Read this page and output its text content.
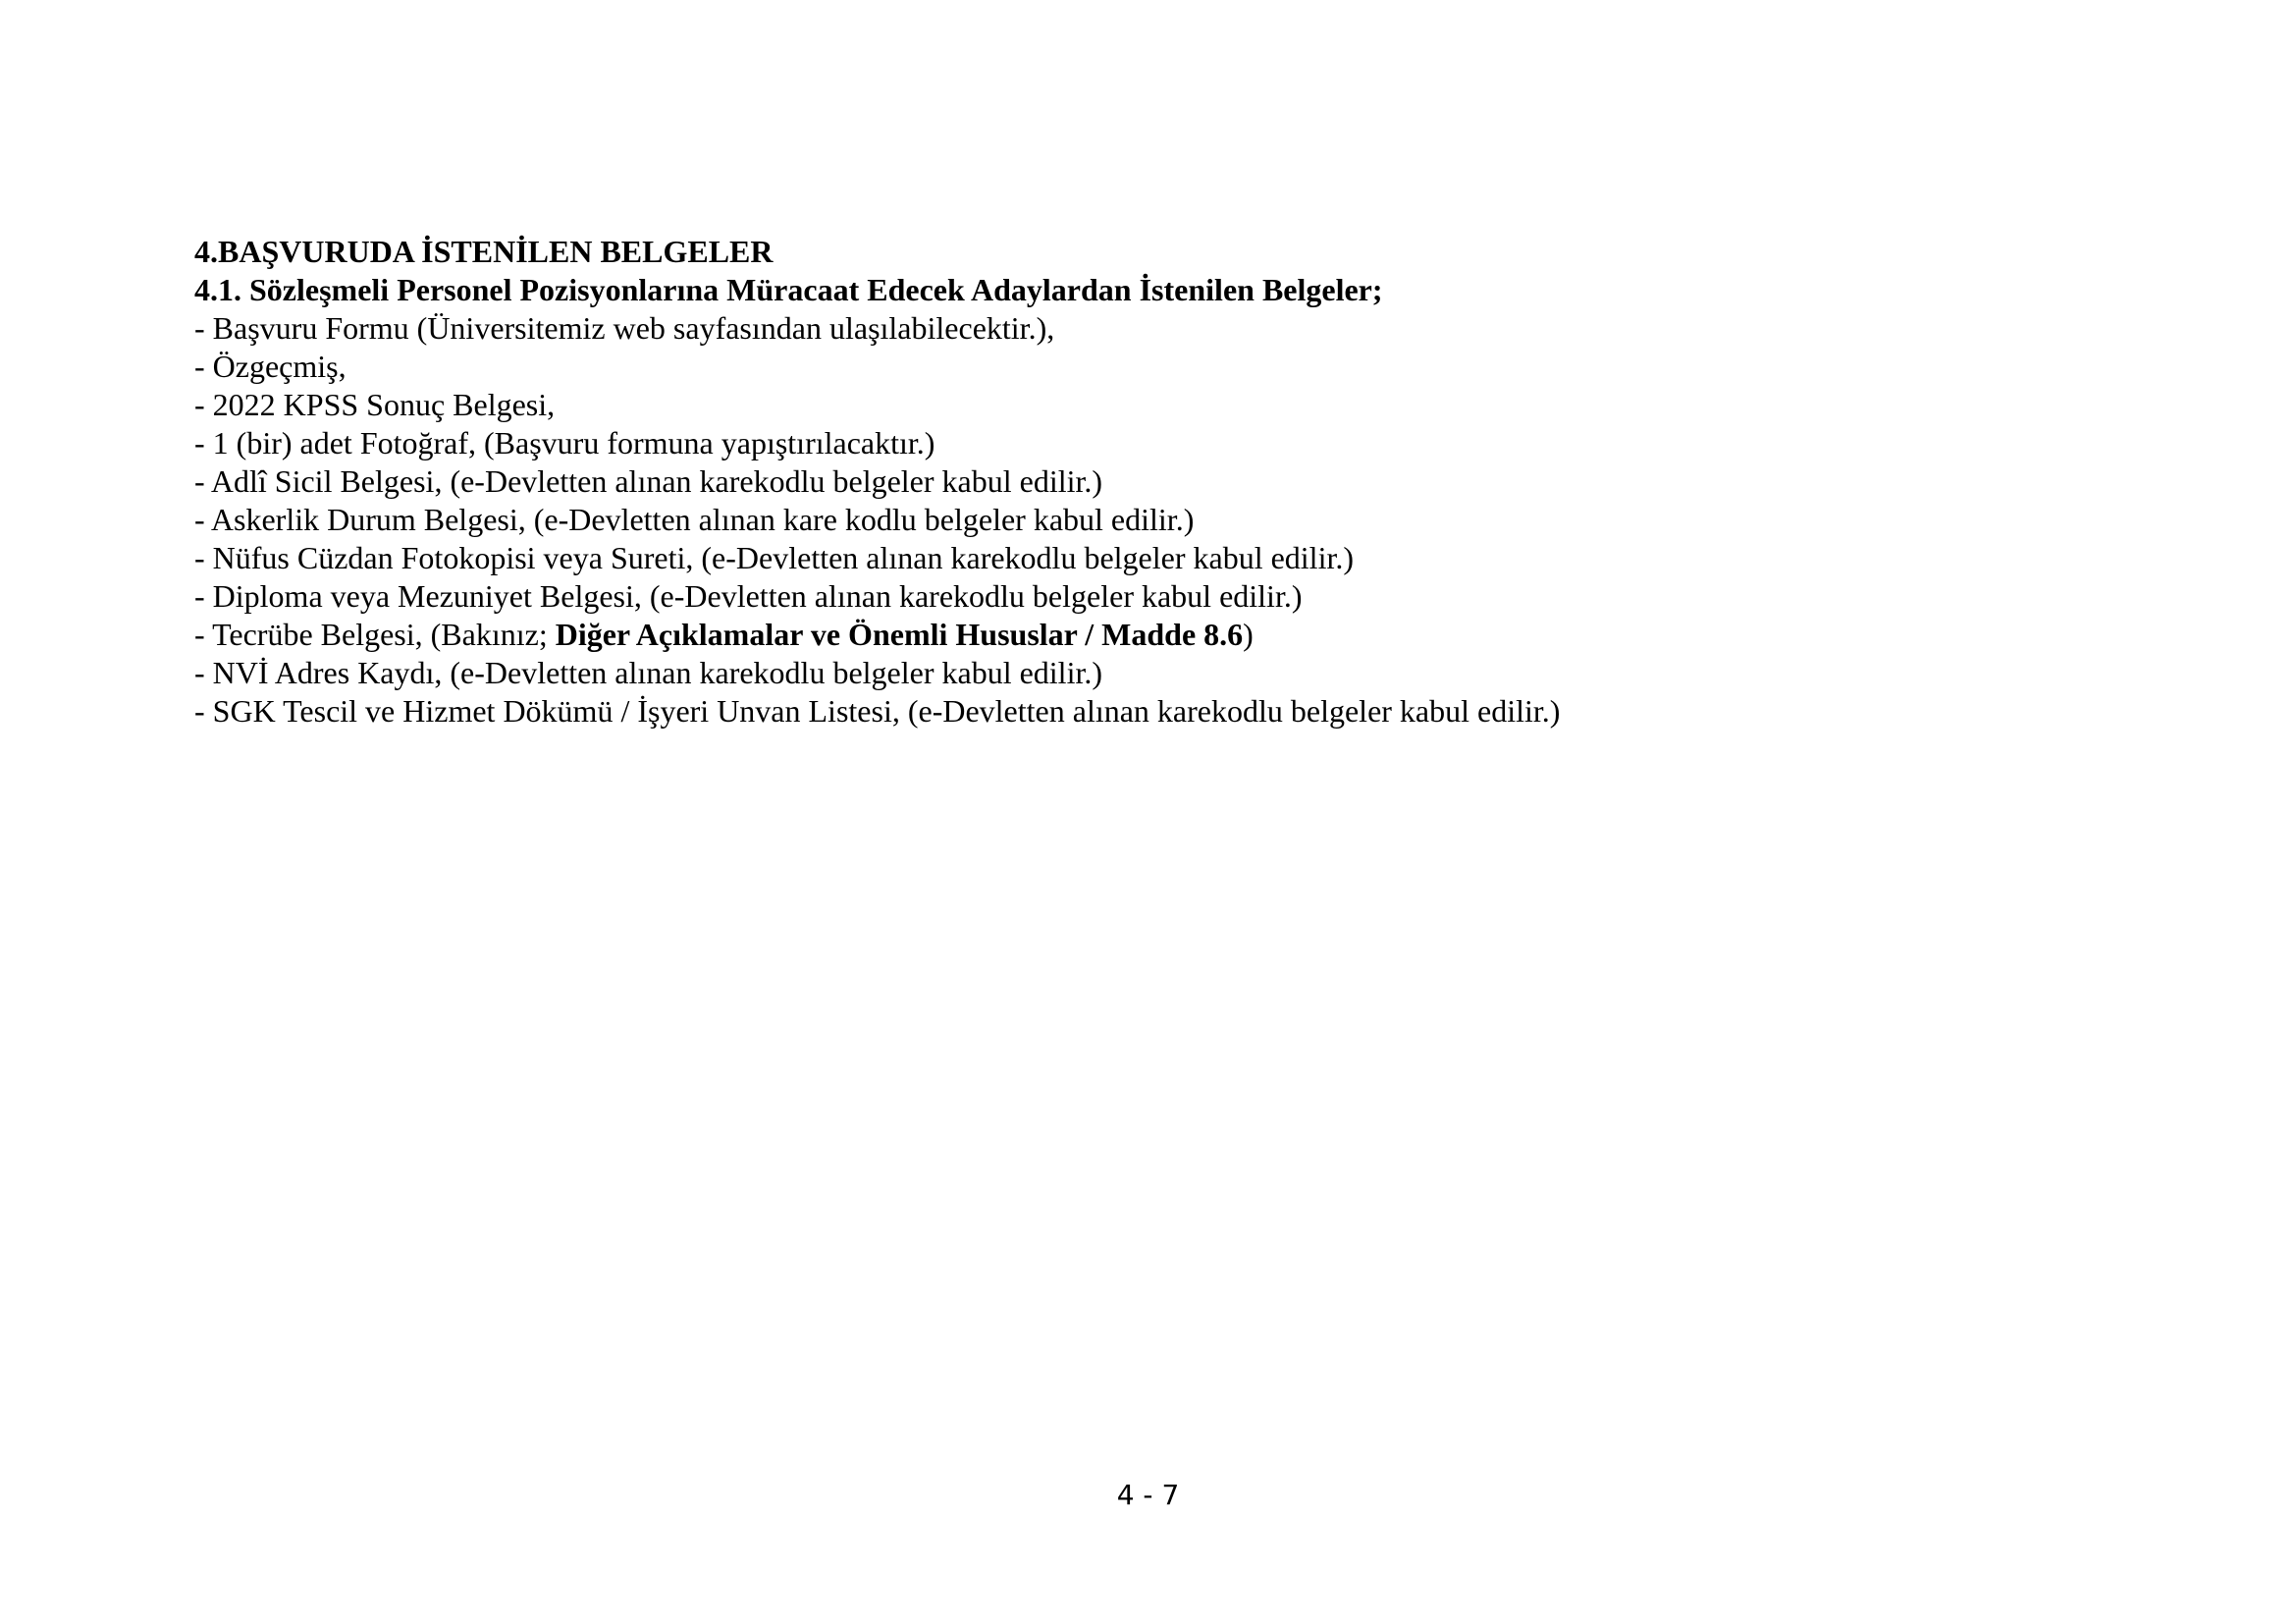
4.BAŞVURUDA İSTENİLEN BELGELER

4.1. Sözleşmeli Personel Pozisyonlarına Müracaat Edecek Adaylardan İstenilen Belgeler;

- Başvuru Formu (Üniversitemiz web sayfasından ulaşılabilecektir.),

- Özgeçmiş,

- 2022 KPSS Sonuç Belgesi,

- 1 (bir) adet Fotoğraf, (Başvuru formuna yapıştırılacaktır.)

- Adlî Sicil Belgesi, (e-Devletten alınan karekodlu belgeler kabul edilir.)

- Askerlik Durum Belgesi, (e-Devletten alınan kare kodlu belgeler kabul edilir.)

- Nüfus Cüzdan Fotokopisi veya Sureti, (e-Devletten alınan karekodlu belgeler kabul edilir.)

- Diploma veya Mezuniyet Belgesi, (e-Devletten alınan karekodlu belgeler kabul edilir.)

- Tecrübe Belgesi, (Bakınız; Diğer Açıklamalar ve Önemli Hususlar / Madde 8.6)

- NVİ Adres Kaydı, (e-Devletten alınan karekodlu belgeler kabul edilir.)

- SGK Tescil ve Hizmet Dökümü / İşyeri Unvan Listesi, (e-Devletten alınan karekodlu belgeler kabul edilir.)

4 - 7
